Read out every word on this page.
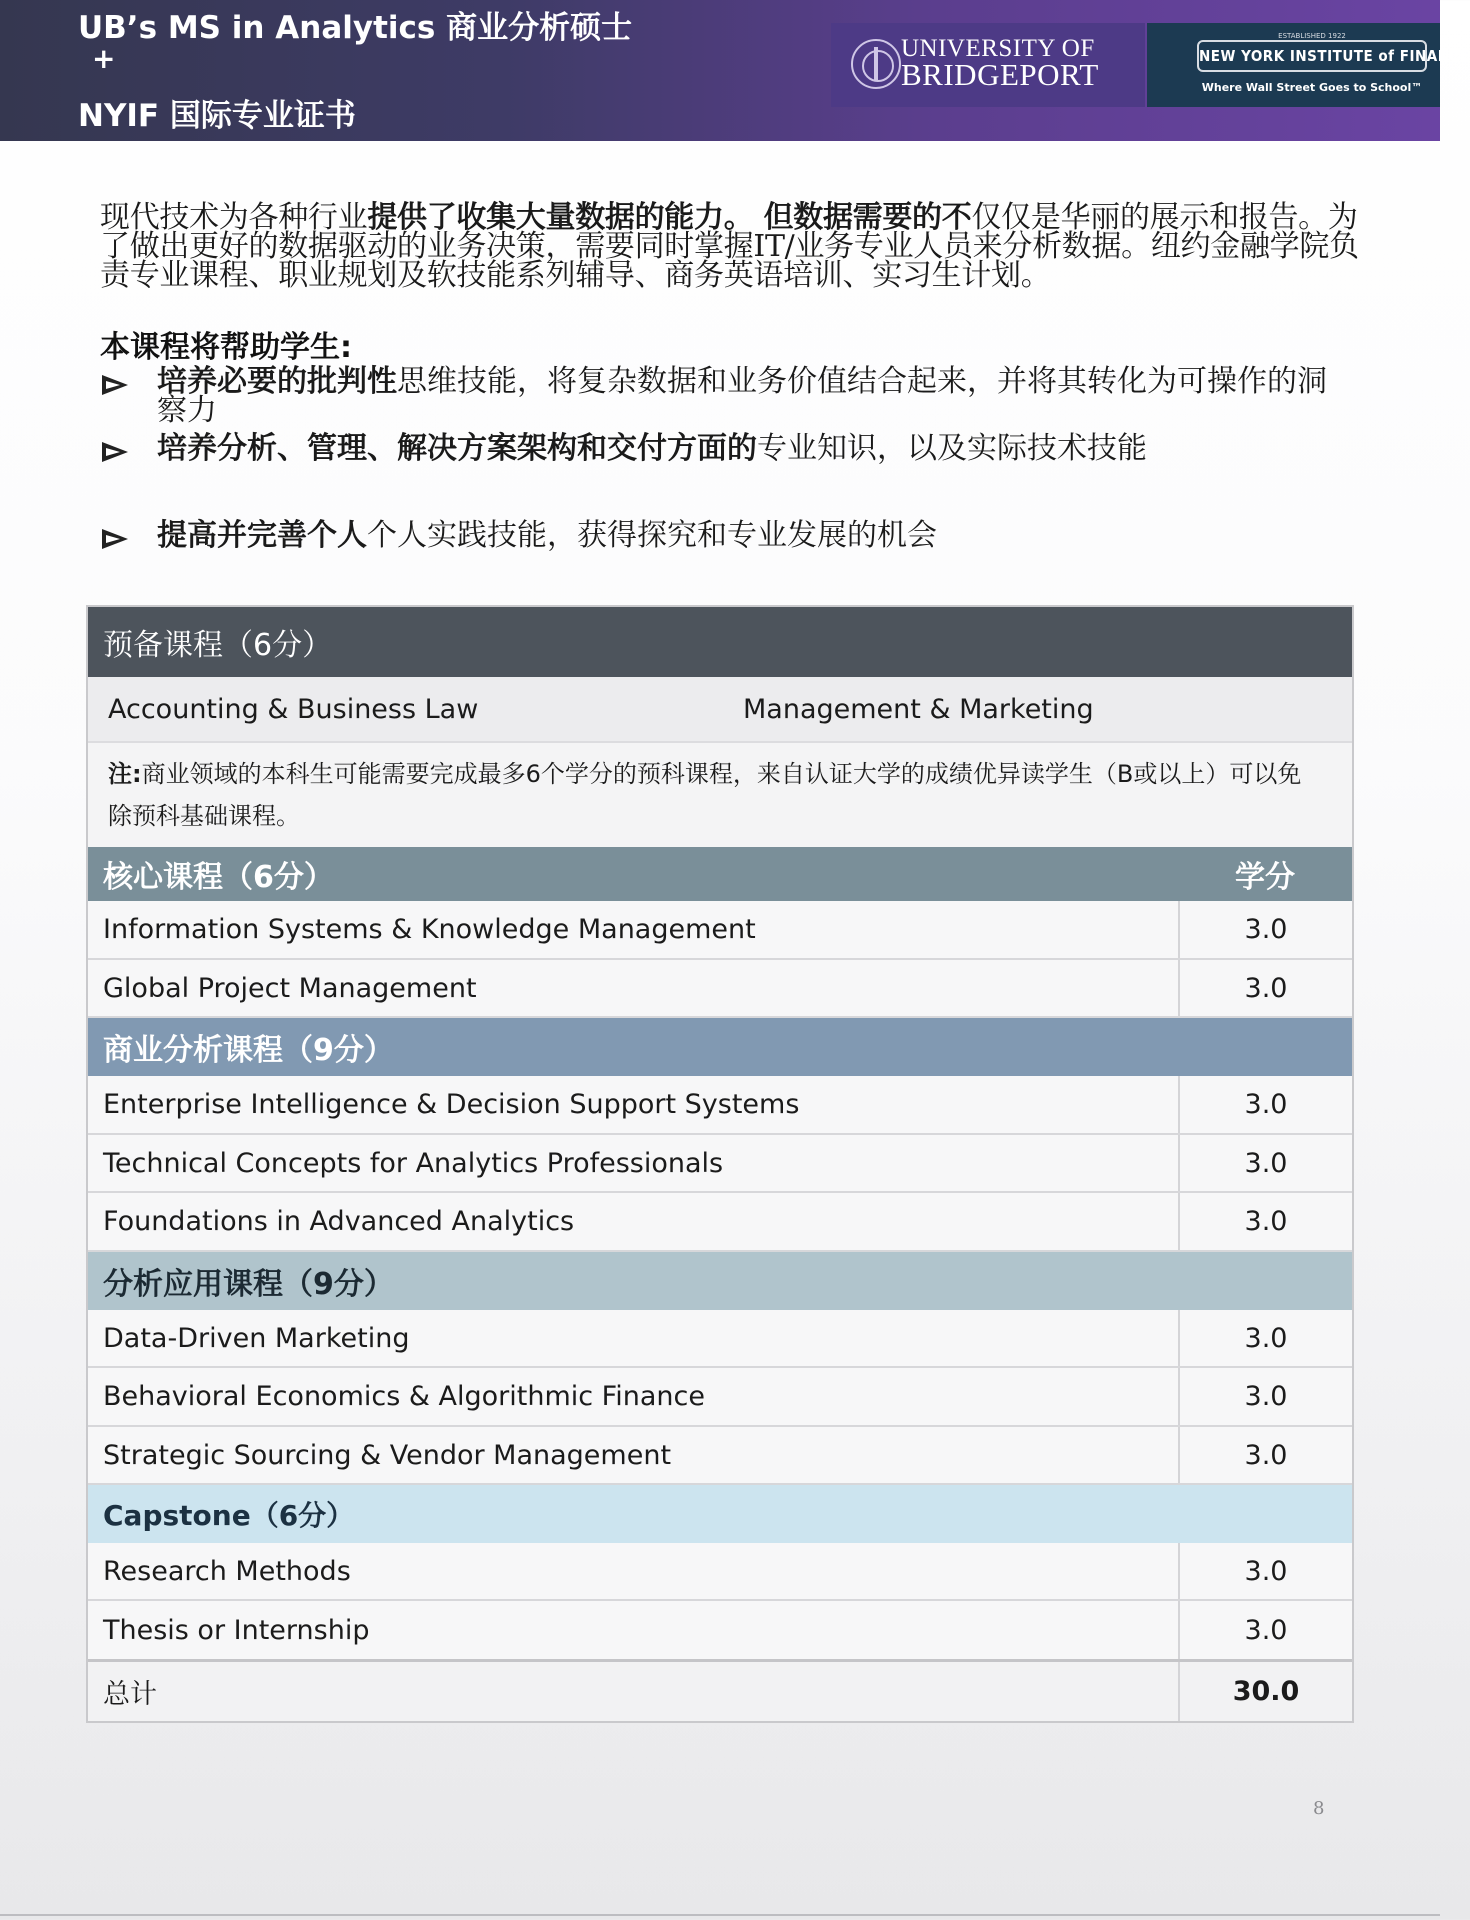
UB’s MS in Analytics 商业分析硕士
+
NYIF 国际专业证书
UNIVERSITY OF
BRIDGEPORT
NEW YORK INSTITUTE of FINANCE
ESTABLISHED 1922
Where Wall Street Goes to School™
现代技术为各种行业提供了收集大量数据的能力。 但数据需要的不仅仅是华丽的展示和报告。为了做出更好的数据驱动的业务决策，需要同时掌握IT/业务专业人员来分析数据。纽约金融学院负责专业课程、职业规划及软技能系列辅导、商务英语培训、实习生计划。
本课程将帮助学生:
培养必要的批判性思维技能，将复杂数据和业务价值结合起来，并将其转化为可操作的洞察力
培养分析、管理、解决方案架构和交付方面的专业知识，以及实际技术技能
提高并完善个人个人实践技能，获得探究和专业发展的机会
预备课程（6分）
Accounting & Business Law	Management & Marketing
注:商业领域的本科生可能需要完成最多6个学分的预科课程，来自认证大学的成绩优异读学生（B或以上）可以免除预科基础课程。
核心课程（6分）	学分
Information Systems & Knowledge Management	3.0
Global Project Management	3.0
商业分析课程（9分）
Enterprise Intelligence & Decision Support Systems	3.0
Technical Concepts for Analytics Professionals	3.0
Foundations in Advanced Analytics	3.0
分析应用课程（9分）
Data-Driven Marketing	3.0
Behavioral Economics & Algorithmic Finance	3.0
Strategic Sourcing & Vendor Management	3.0
Capstone（6分）
Research Methods	3.0
Thesis or Internship	3.0
总计	30.0
8
